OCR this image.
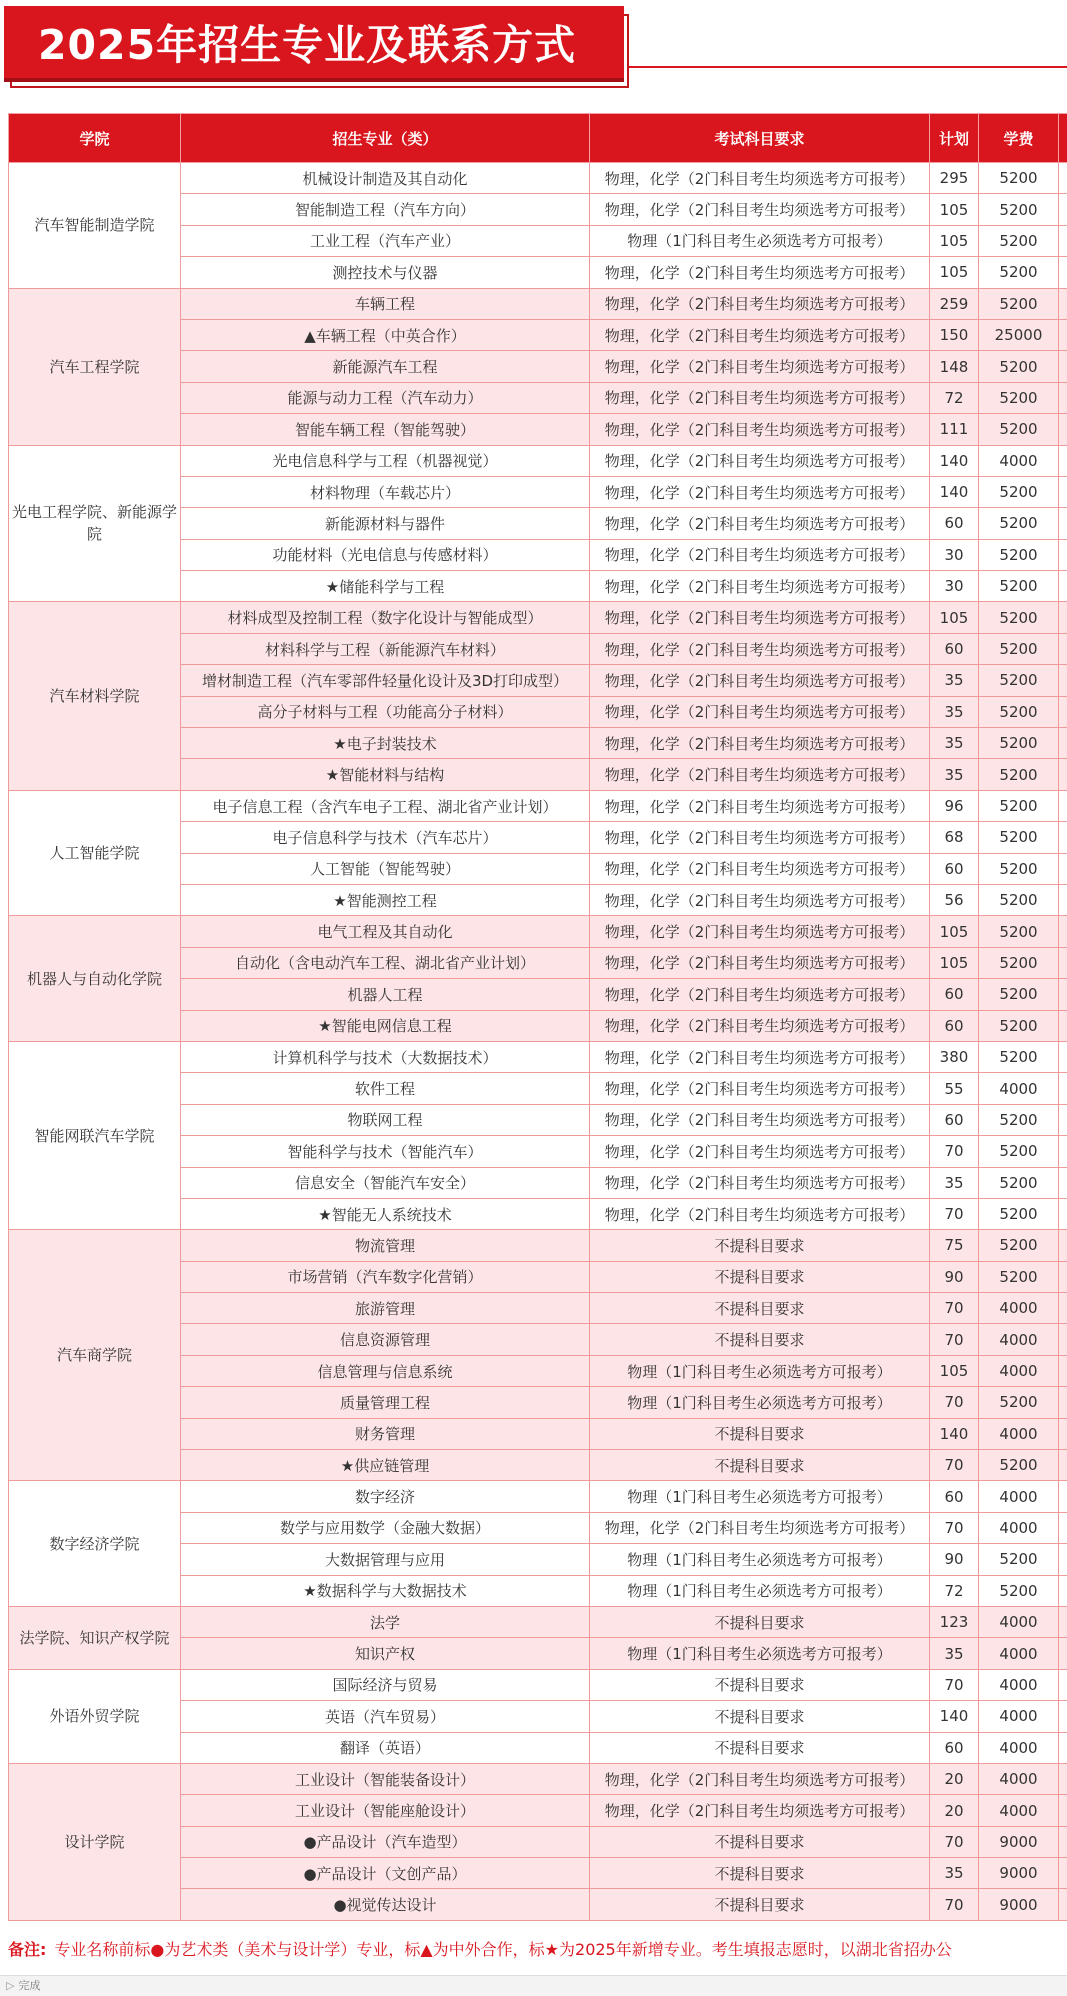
2025年招生专业及联系方式
学院	招生专业（类）	考试科目要求	计划	学费	
汽车智能制造学院	机械设计制造及其自动化	物理，化学（2门科目考生均须选考方可报考）	295	5200	
	智能制造工程（汽车方向）	物理，化学（2门科目考生均须选考方可报考）	105	5200	
	工业工程（汽车产业）	物理（1门科目考生必须选考方可报考）	105	5200	
	测控技术与仪器	物理，化学（2门科目考生均须选考方可报考）	105	5200	
汽车工程学院	车辆工程	物理，化学（2门科目考生均须选考方可报考）	259	5200	
	▲车辆工程（中英合作）	物理，化学（2门科目考生均须选考方可报考）	150	25000	
	新能源汽车工程	物理，化学（2门科目考生均须选考方可报考）	148	5200	
	能源与动力工程（汽车动力）	物理，化学（2门科目考生均须选考方可报考）	72	5200	
	智能车辆工程（智能驾驶）	物理，化学（2门科目考生均须选考方可报考）	111	5200	
光电工程学院、新能源学院	光电信息科学与工程（机器视觉）	物理，化学（2门科目考生均须选考方可报考）	140	4000	
	材料物理（车载芯片）	物理，化学（2门科目考生均须选考方可报考）	140	5200	
	新能源材料与器件	物理，化学（2门科目考生均须选考方可报考）	60	5200	
	功能材料（光电信息与传感材料）	物理，化学（2门科目考生均须选考方可报考）	30	5200	
	★储能科学与工程	物理，化学（2门科目考生均须选考方可报考）	30	5200	
汽车材料学院	材料成型及控制工程（数字化设计与智能成型）	物理，化学（2门科目考生均须选考方可报考）	105	5200	
	材料科学与工程（新能源汽车材料）	物理，化学（2门科目考生均须选考方可报考）	60	5200	
	增材制造工程（汽车零部件轻量化设计及3D打印成型）	物理，化学（2门科目考生均须选考方可报考）	35	5200	
	高分子材料与工程（功能高分子材料）	物理，化学（2门科目考生均须选考方可报考）	35	5200	
	★电子封装技术	物理，化学（2门科目考生均须选考方可报考）	35	5200	
	★智能材料与结构	物理，化学（2门科目考生均须选考方可报考）	35	5200	
人工智能学院	电子信息工程（含汽车电子工程、湖北省产业计划）	物理，化学（2门科目考生均须选考方可报考）	96	5200	
	电子信息科学与技术（汽车芯片）	物理，化学（2门科目考生均须选考方可报考）	68	5200	
	人工智能（智能驾驶）	物理，化学（2门科目考生均须选考方可报考）	60	5200	
	★智能测控工程	物理，化学（2门科目考生均须选考方可报考）	56	5200	
机器人与自动化学院	电气工程及其自动化	物理，化学（2门科目考生均须选考方可报考）	105	5200	
	自动化（含电动汽车工程、湖北省产业计划）	物理，化学（2门科目考生均须选考方可报考）	105	5200	
	机器人工程	物理，化学（2门科目考生均须选考方可报考）	60	5200	
	★智能电网信息工程	物理，化学（2门科目考生均须选考方可报考）	60	5200	
智能网联汽车学院	计算机科学与技术（大数据技术）	物理，化学（2门科目考生均须选考方可报考）	380	5200	
	软件工程	物理，化学（2门科目考生均须选考方可报考）	55	4000	
	物联网工程	物理，化学（2门科目考生均须选考方可报考）	60	5200	
	智能科学与技术（智能汽车）	物理，化学（2门科目考生均须选考方可报考）	70	5200	
	信息安全（智能汽车安全）	物理，化学（2门科目考生均须选考方可报考）	35	5200	
	★智能无人系统技术	物理，化学（2门科目考生均须选考方可报考）	70	5200	
汽车商学院	物流管理	不提科目要求	75	5200	
	市场营销（汽车数字化营销）	不提科目要求	90	5200	
	旅游管理	不提科目要求	70	4000	
	信息资源管理	不提科目要求	70	4000	
	信息管理与信息系统	物理（1门科目考生必须选考方可报考）	105	4000	
	质量管理工程	物理（1门科目考生必须选考方可报考）	70	5200	
	财务管理	不提科目要求	140	4000	
	★供应链管理	不提科目要求	70	5200	
数字经济学院	数字经济	物理（1门科目考生必须选考方可报考）	60	4000	
	数学与应用数学（金融大数据）	物理，化学（2门科目考生均须选考方可报考）	70	4000	
	大数据管理与应用	物理（1门科目考生必须选考方可报考）	90	5200	
	★数据科学与大数据技术	物理（1门科目考生必须选考方可报考）	72	5200	
法学院、知识产权学院	法学	不提科目要求	123	4000	
	知识产权	物理（1门科目考生必须选考方可报考）	35	4000	
外语外贸学院	国际经济与贸易	不提科目要求	70	4000	
	英语（汽车贸易）	不提科目要求	140	4000	
	翻译（英语）	不提科目要求	60	4000	
设计学院	工业设计（智能装备设计）	物理，化学（2门科目考生均须选考方可报考）	20	4000	
	工业设计（智能座舱设计）	物理，化学（2门科目考生均须选考方可报考）	20	4000	
	●产品设计（汽车造型）	不提科目要求	70	9000	
	●产品设计（文创产品）	不提科目要求	35	9000	
	●视觉传达设计	不提科目要求	70	9000	
备注: 专业名称前标●为艺术类（美术与设计学）专业，标▲为中外合作，标★为2025年新增专业。考生填报志愿时，以湖北省招办公
▷ 完成
